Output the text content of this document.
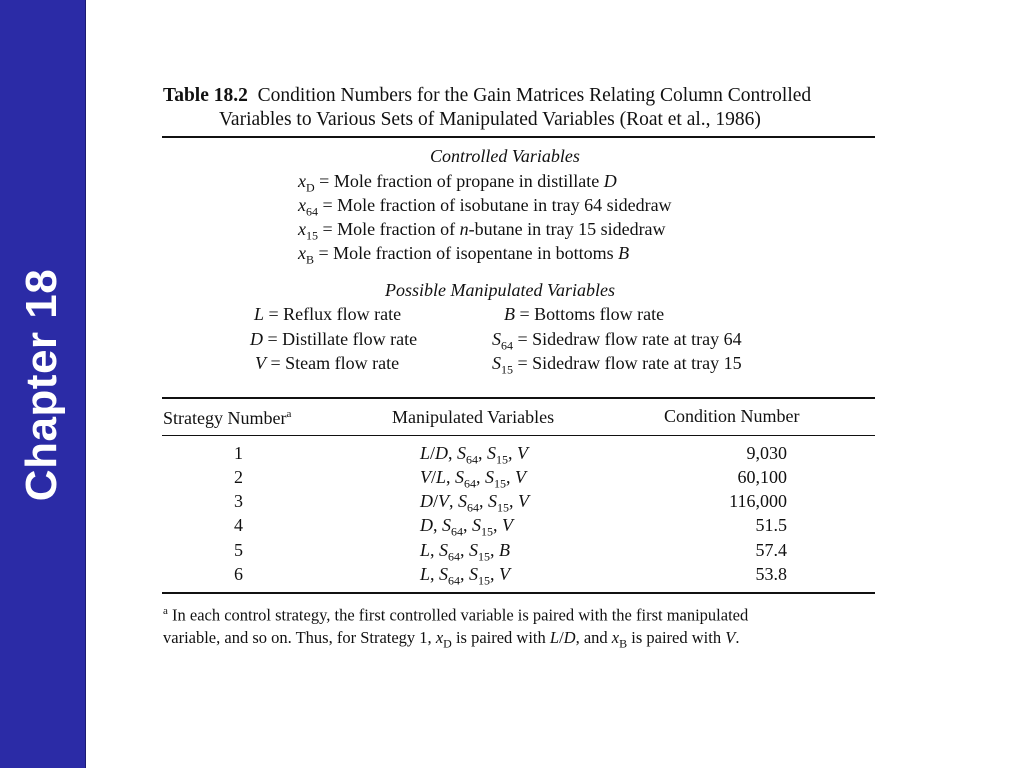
Chapter 18
Table 18.2 Condition Numbers for the Gain Matrices Relating Column Controlled
Variables to Various Sets of Manipulated Variables (Roat et al., 1986)
Controlled Variables
$x_D$ = Mole fraction of propane in distillate D
$x_{64}$ = Mole fraction of isobutane in tray 64 sidedraw
$x_{15}$ = Mole fraction of n-butane in tray 15 sidedraw
$x_B$ = Mole fraction of isopentane in bottoms B
Possible Manipulated Variables
L = Reflux flow rate
D = Distillate flow rate
V = Steam flow rate
B = Bottoms flow rate
$S_{64}$ = Sidedraw flow rate at tray 64
$S_{15}$ = Sidedraw flow rate at tray 15
Strategy Number$^a$	Manipulated Variables	Condition Number
1	L/D, $S_{64}$, $S_{15}$, V	9,030
2	V/L, $S_{64}$, $S_{15}$, V	60,100
3	D/V, $S_{64}$, $S_{15}$, V	116,000
4	D, $S_{64}$, $S_{15}$, V	51.5
5	L, $S_{64}$, $S_{15}$, B	57.4
6	L, $S_{64}$, $S_{15}$, V	53.8
$^a$ In each control strategy, the first controlled variable is paired with the first manipulated
variable, and so on. Thus, for Strategy 1, $x_D$ is paired with L/D, and $x_B$ is paired with V.
